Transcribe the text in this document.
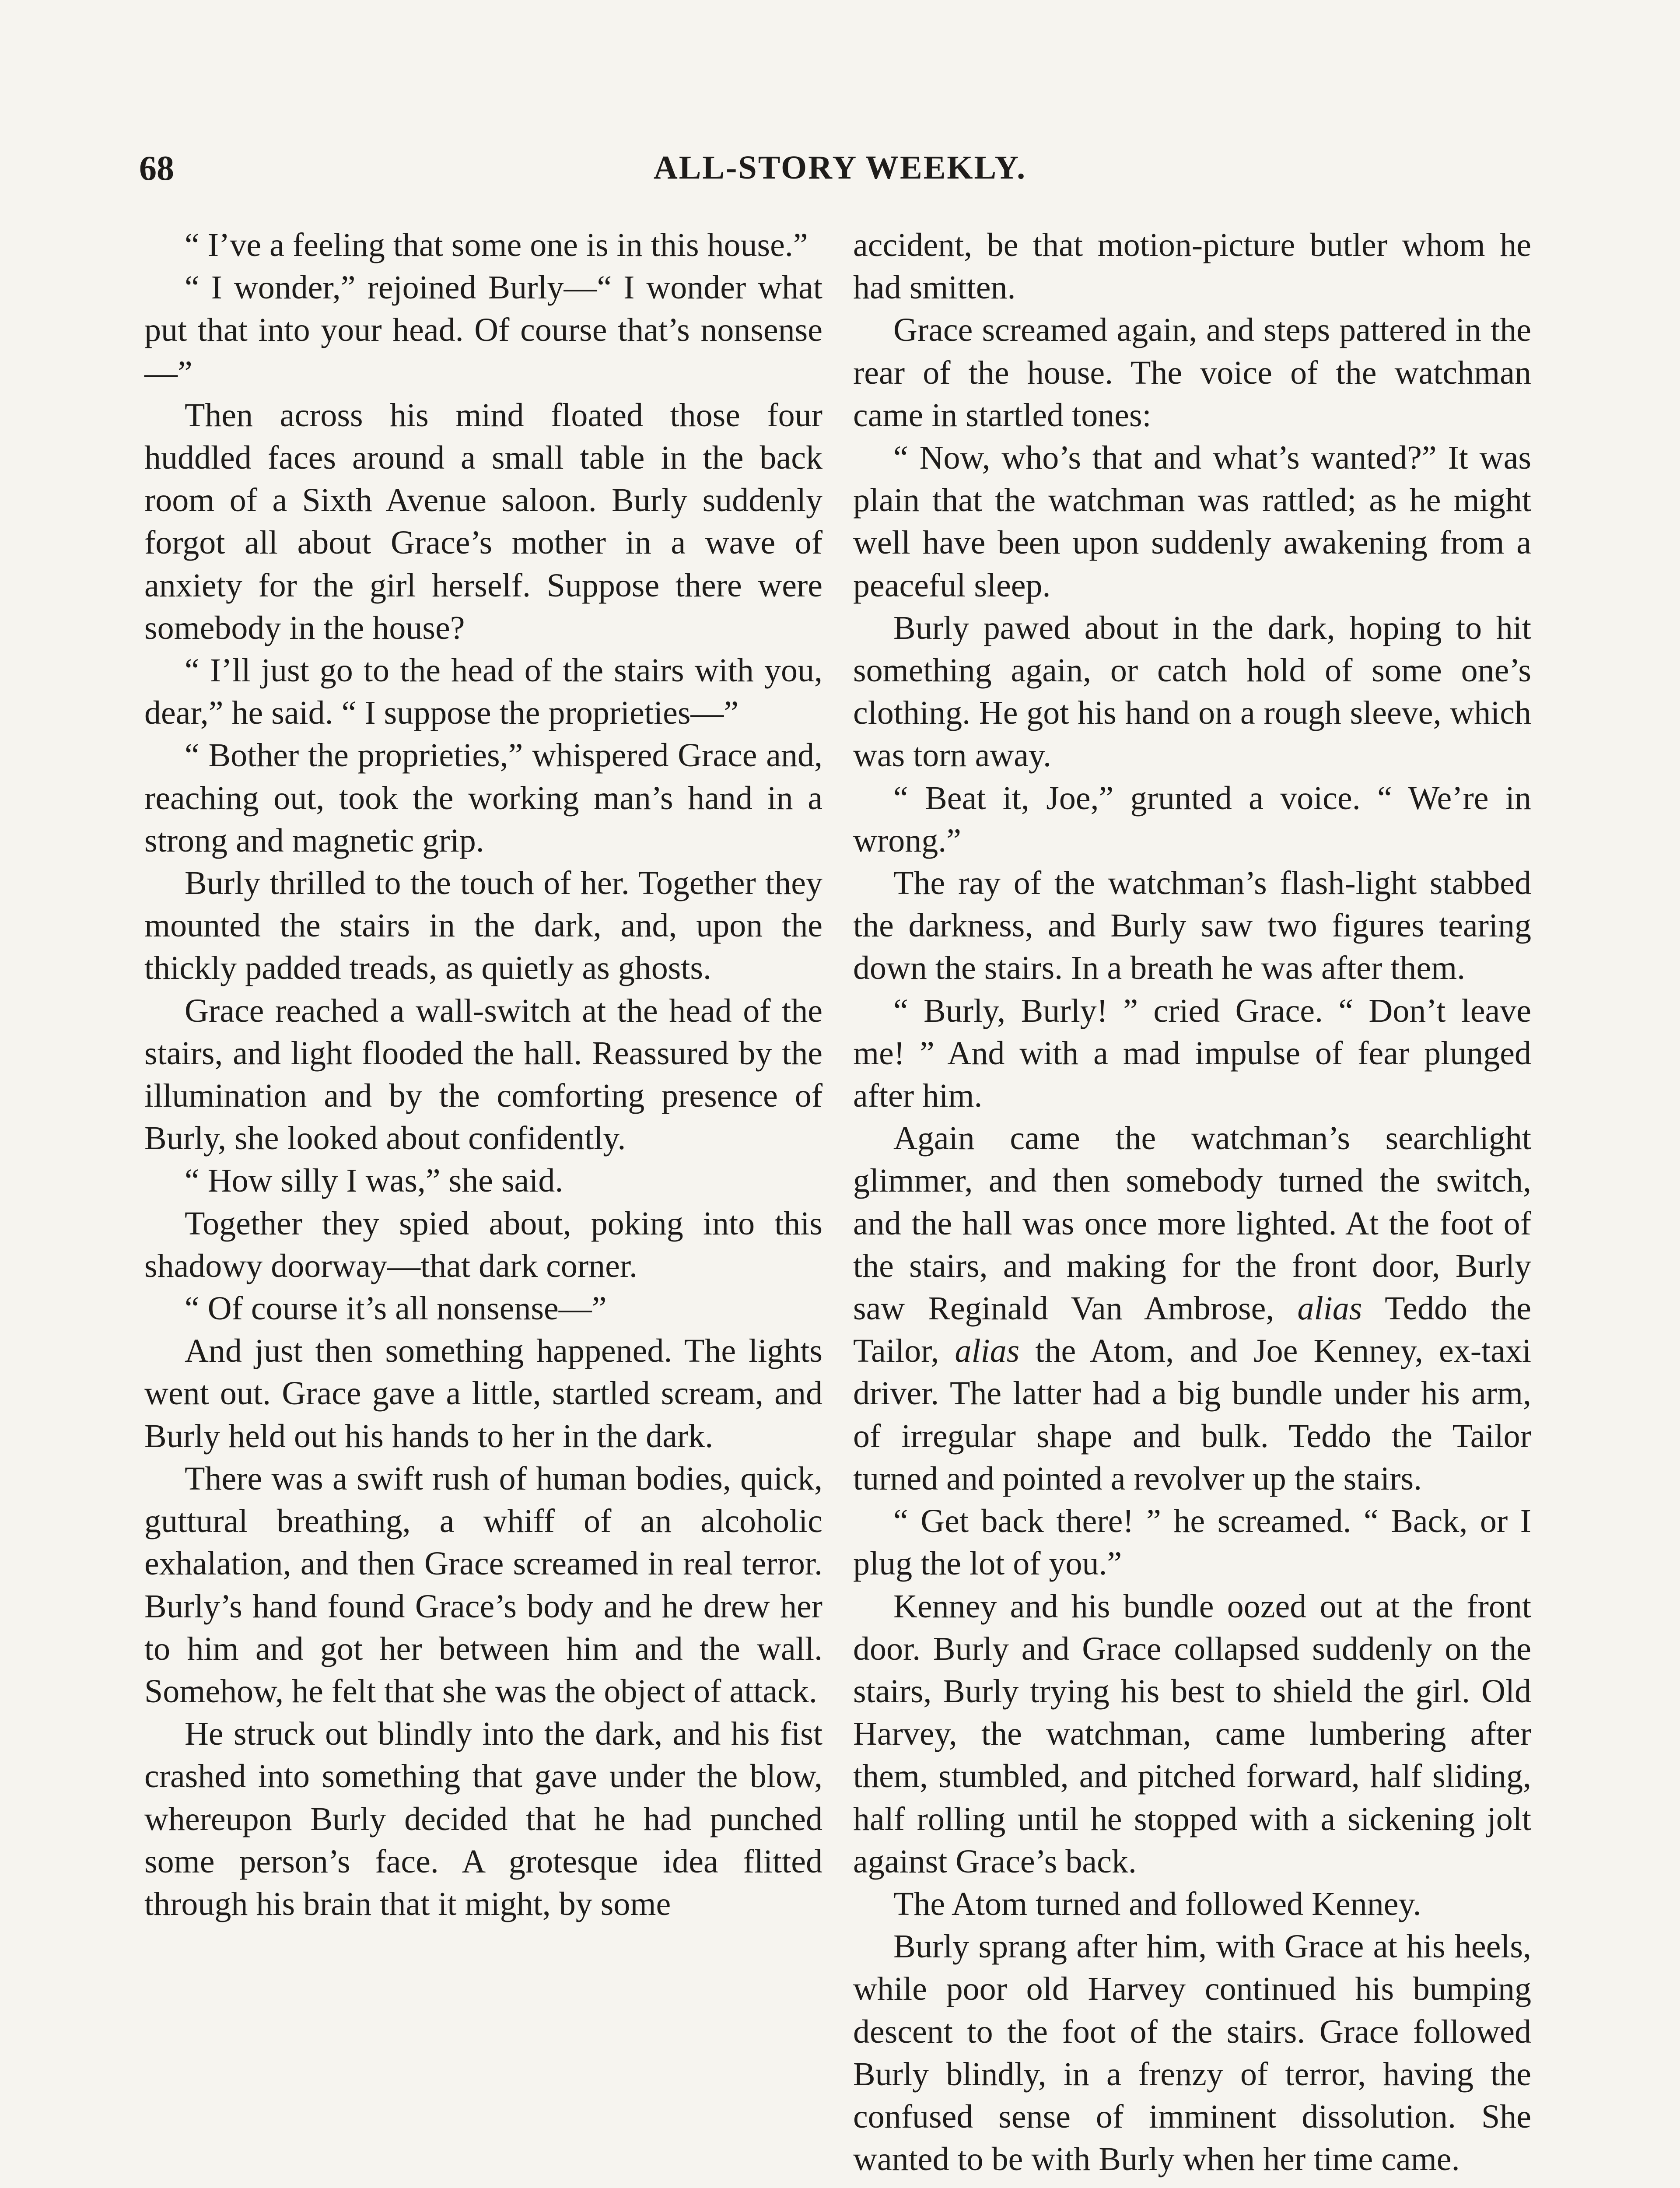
68	ALL-STORY WEEKLY.

“ I’ve a feeling that some one is in this house.”

“ I wonder,” rejoined Burly—“ I wonder what put that into your head. Of course that’s nonsense—”

Then across his mind floated those four huddled faces around a small table in the back room of a Sixth Avenue saloon. Burly suddenly forgot all about Grace’s mother in a wave of anxiety for the girl herself. Suppose there were somebody in the house?

“ I’ll just go to the head of the stairs with you, dear,” he said. “ I suppose the proprieties—”

“ Bother the proprieties,” whispered Grace and, reaching out, took the working man’s hand in a strong and magnetic grip.

Burly thrilled to the touch of her. Together they mounted the stairs in the dark, and, upon the thickly padded treads, as quietly as ghosts.

Grace reached a wall-switch at the head of the stairs, and light flooded the hall. Reassured by the illumination and by the comforting presence of Burly, she looked about confidently.

“ How silly I was,” she said.

Together they spied about, poking into this shadowy doorway—that dark corner.

“ Of course it’s all nonsense—”

And just then something happened. The lights went out. Grace gave a little, startled scream, and Burly held out his hands to her in the dark.

There was a swift rush of human bodies, quick, guttural breathing, a whiff of an alcoholic exhalation, and then Grace screamed in real terror. Burly’s hand found Grace’s body and he drew her to him and got her between him and the wall. Somehow, he felt that she was the object of attack.

He struck out blindly into the dark, and his fist crashed into something that gave under the blow, whereupon Burly decided that he had punched some person’s face. A grotesque idea flitted through his brain that it might, by some

accident, be that motion-picture butler whom he had smitten.

Grace screamed again, and steps pattered in the rear of the house. The voice of the watchman came in startled tones:

“ Now, who’s that and what’s wanted?” It was plain that the watchman was rattled; as he might well have been upon suddenly awakening from a peaceful sleep.

Burly pawed about in the dark, hoping to hit something again, or catch hold of some one’s clothing. He got his hand on a rough sleeve, which was torn away.

“ Beat it, Joe,” grunted a voice. “ We’re in wrong.”

The ray of the watchman’s flash-light stabbed the darkness, and Burly saw two figures tearing down the stairs. In a breath he was after them.

“ Burly, Burly! ” cried Grace. “ Don’t leave me! ” And with a mad impulse of fear plunged after him.

Again came the watchman’s searchlight glimmer, and then somebody turned the switch, and the hall was once more lighted. At the foot of the stairs, and making for the front door, Burly saw Reginald Van Ambrose, alias Teddo the Tailor, alias the Atom, and Joe Kenney, ex-taxi driver. The latter had a big bundle under his arm, of irregular shape and bulk. Teddo the Tailor turned and pointed a revolver up the stairs.

“ Get back there! ” he screamed. “ Back, or I plug the lot of you.”

Kenney and his bundle oozed out at the front door. Burly and Grace collapsed suddenly on the stairs, Burly trying his best to shield the girl. Old Harvey, the watchman, came lumbering after them, stumbled, and pitched forward, half sliding, half rolling until he stopped with a sickening jolt against Grace’s back.

The Atom turned and followed Kenney.

Burly sprang after him, with Grace at his heels, while poor old Harvey continued his bumping descent to the foot of the stairs. Grace followed Burly blindly, in a frenzy of terror, having the confused sense of imminent dissolution. She wanted to be with Burly when her time came.
